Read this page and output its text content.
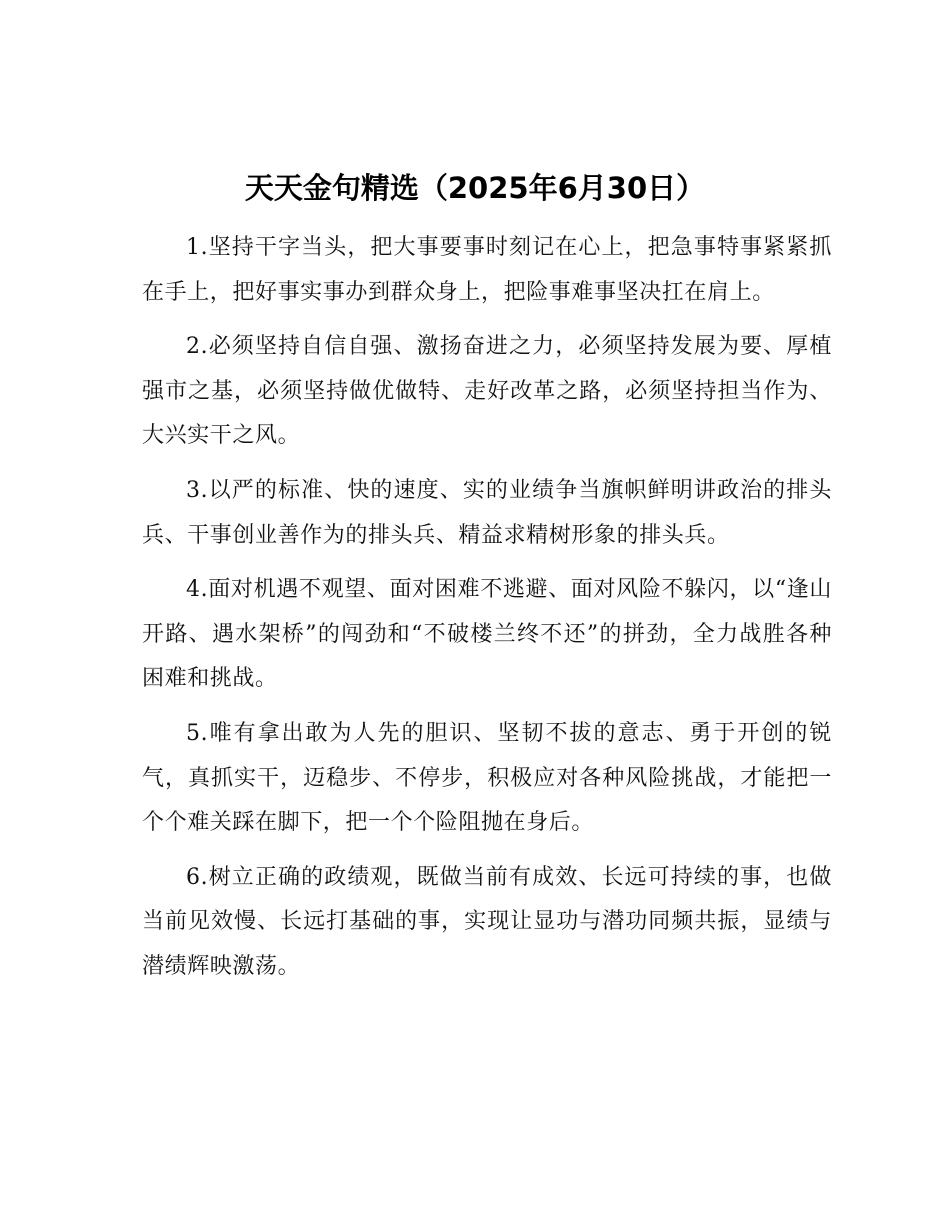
天天金句精选（2025年6月30日）

1.坚持干字当头，把大事要事时刻记在心上，把急事特事紧紧抓在手上，把好事实事办到群众身上，把险事难事坚决扛在肩上。

2.必须坚持自信自强、激扬奋进之力，必须坚持发展为要、厚植强市之基，必须坚持做优做特、走好改革之路，必须坚持担当作为、大兴实干之风。

3.以严的标准、快的速度、实的业绩争当旗帜鲜明讲政治的排头兵、干事创业善作为的排头兵、精益求精树形象的排头兵。

4.面对机遇不观望、面对困难不逃避、面对风险不躲闪，以“逢山开路、遇水架桥”的闯劲和“不破楼兰终不还”的拼劲，全力战胜各种困难和挑战。

5.唯有拿出敢为人先的胆识、坚韧不拔的意志、勇于开创的锐气，真抓实干，迈稳步、不停步，积极应对各种风险挑战，才能把一个个难关踩在脚下，把一个个险阻抛在身后。

6.树立正确的政绩观，既做当前有成效、长远可持续的事，也做当前见效慢、长远打基础的事，实现让显功与潜功同频共振，显绩与潜绩辉映激荡。
